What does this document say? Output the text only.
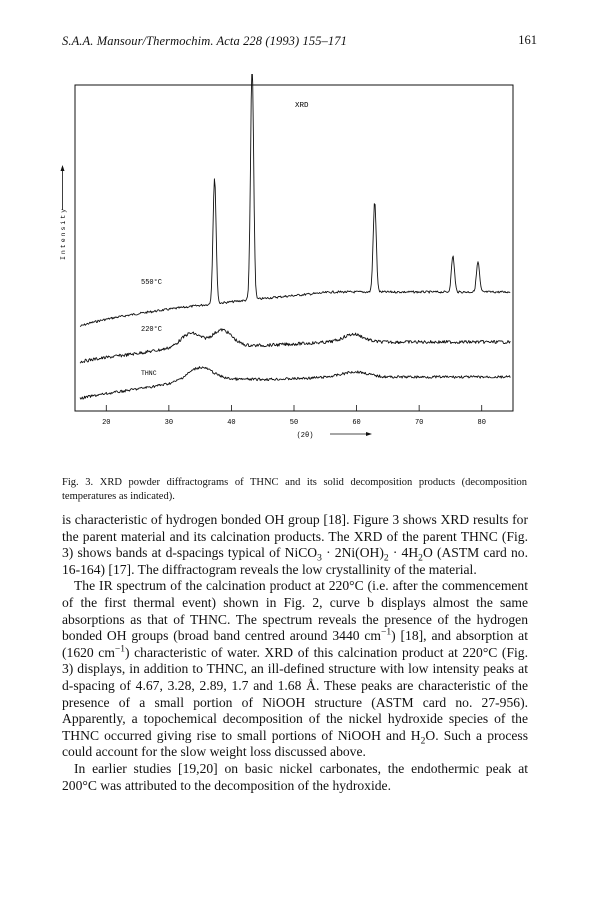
S.A.A. Mansour/Thermochim. Acta 228 (1993) 155–171	161
20	30	40	50	60	70	80
XRD
550°C
220°C
THNC
Intensity
(2θ)
Fig. 3. XRD powder diffractograms of THNC and its solid decomposition products (decomposition temperatures as indicated).

is characteristic of hydrogen bonded OH group [18]. Figure 3 shows XRD results for the parent material and its calcination products. The XRD of the parent THNC (Fig. 3) shows bands at d-spacings typical of NiCO$_3$ · $2Ni(OH)_2 \cdot 4H_2O$ (ASTM card no. 16-164) [17]. The diffractogram reveals the low crystallinity of the material.

The IR spectrum of the calcination product at 220°C (i.e. after the commencement of the first thermal event) shown in Fig. 2, curve b displays almost the same absorptions as that of THNC. The spectrum reveals the presence of the hydrogen bonded OH groups (broad band centred around 3440 $cm^{-1}$) [18], and absorption at (1620 $cm^{-1}$) characteristic of water. XRD of this calcination product at 220°C (Fig. 3) displays, in addition to THNC, an ill-defined structure with low intensity peaks at d-spacing of 4.67, 3.28, 2.89, 1.7 and 1.68 Å. These peaks are characteristic of the presence of a small portion of NiOOH structure (ASTM card no. 27-956). Apparently, a topochemical decomposition of the nickel hydroxide species of the THNC occurred giving rise to small portions of NiOOH and $H_2O$. Such a process could account for the slow weight loss discussed above.

In earlier studies [19,20] on basic nickel carbonates, the endothermic peak at 200°C was attributed to the decomposition of the hydroxide.
